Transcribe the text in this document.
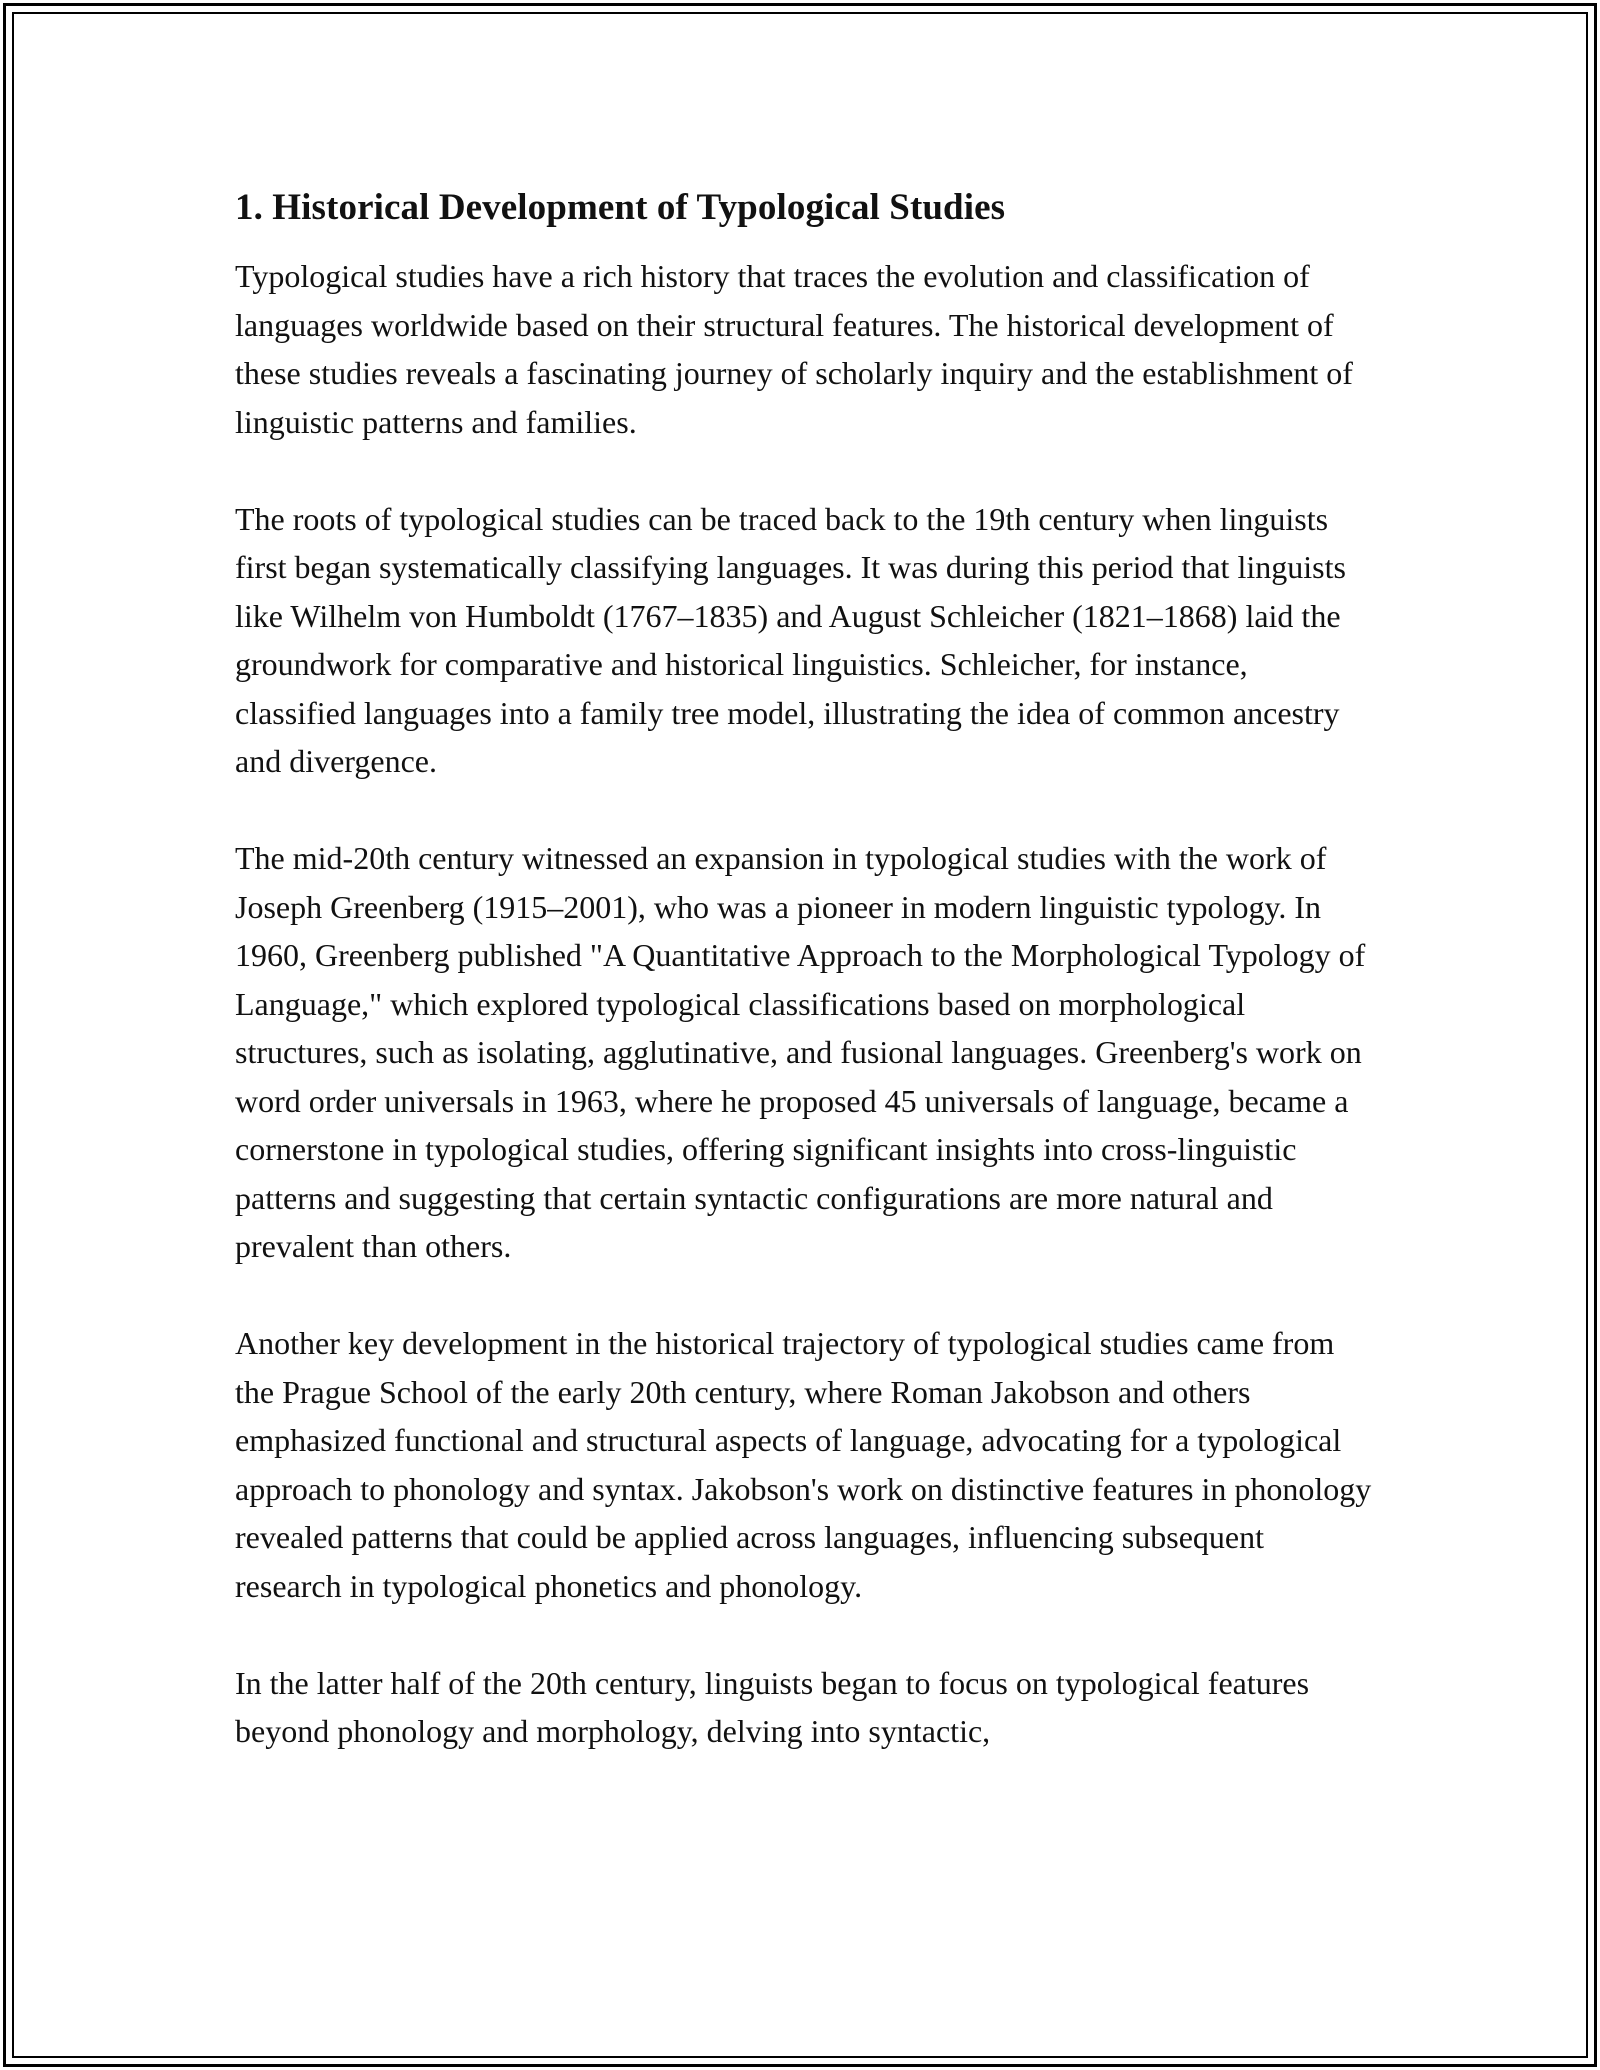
1. Historical Development of Typological Studies

Typological studies have a rich history that traces the evolution and classification of languages worldwide based on their structural features. The historical development of these studies reveals a fascinating journey of scholarly inquiry and the establishment of linguistic patterns and families.

The roots of typological studies can be traced back to the 19th century when linguists first began systematically classifying languages. It was during this period that linguists like Wilhelm von Humboldt (1767–1835) and August Schleicher (1821–1868) laid the groundwork for comparative and historical linguistics. Schleicher, for instance, classified languages into a family tree model, illustrating the idea of common ancestry and divergence.

The mid-20th century witnessed an expansion in typological studies with the work of Joseph Greenberg (1915–2001), who was a pioneer in modern linguistic typology. In 1960, Greenberg published "A Quantitative Approach to the Morphological Typology of Language," which explored typological classifications based on morphological structures, such as isolating, agglutinative, and fusional languages. Greenberg's work on word order universals in 1963, where he proposed 45 universals of language, became a cornerstone in typological studies, offering significant insights into cross-linguistic patterns and suggesting that certain syntactic configurations are more natural and prevalent than others.

Another key development in the historical trajectory of typological studies came from the Prague School of the early 20th century, where Roman Jakobson and others emphasized functional and structural aspects of language, advocating for a typological approach to phonology and syntax. Jakobson's work on distinctive features in phonology revealed patterns that could be applied across languages, influencing subsequent research in typological phonetics and phonology.

In the latter half of the 20th century, linguists began to focus on typological features beyond phonology and morphology, delving into syntactic,
